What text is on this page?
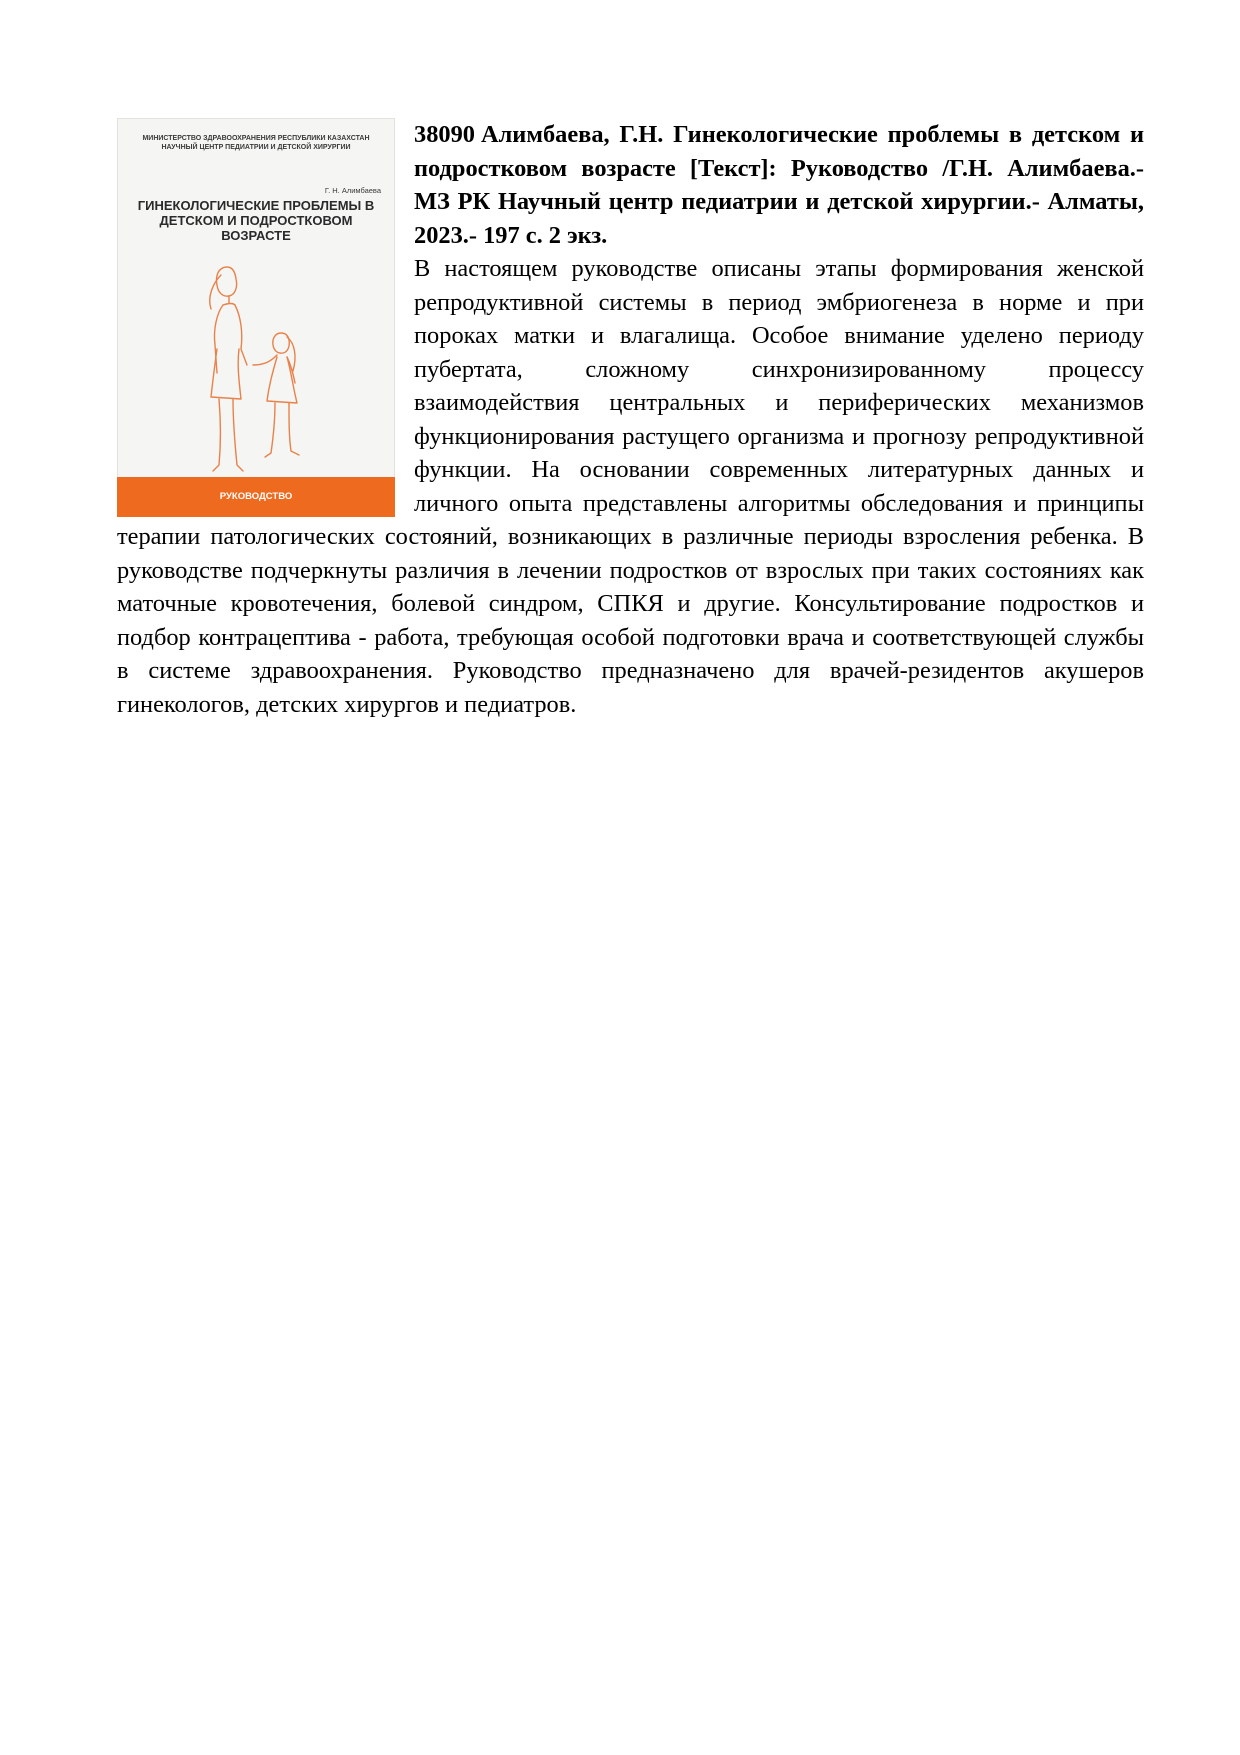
МИНИСТЕРСТВО ЗДРАВООХРАНЕНИЯ РЕСПУБЛИКИ КАЗАХСТАН НАУЧНЫЙ ЦЕНТР ПЕДИАТРИИ И ДЕТСКОЙ ХИРУРГИИ
Г. Н. Алимбаева
ГИНЕКОЛОГИЧЕСКИЕ ПРОБЛЕМЫ В ДЕТСКОМ И ПОДРОСТКОВОМ ВОЗРАСТЕ
РУКОВОДСТВО

38090 Алимбаева, Г.Н. Гинекологические проблемы в детском и подростковом возрасте [Текст]: Руководство /Г.Н. Алимбаева.- МЗ РК Научный центр педиатрии и детской хирургии.- Алматы, 2023.- 197 с. 2 экз.

В настоящем руководстве описаны этапы формирования женской репродуктивной системы в период эмбриогенеза в норме и при пороках матки и влагалища. Особое внимание уделено периоду пубертата, сложному синхронизированному процессу взаимодействия центральных и периферических механизмов функционирования растущего организма и прогнозу репродуктивной функции. На основании современных литературных данных и личного опыта представлены алгоритмы обследования и принципы терапии патологических состояний, возникающих в различные периоды взросления ребенка. В руководстве подчеркнуты различия в лечении подростков от взрослых при таких состояниях как маточные кровотечения, болевой синдром, СПКЯ и другие. Консультирование подростков и подбор контрацептива - работа, требующая особой подготовки врача и соответствующей службы в системе здравоохранения. Руководство предназначено для врачей-резидентов акушеров гинекологов, детских хирургов и педиатров.
